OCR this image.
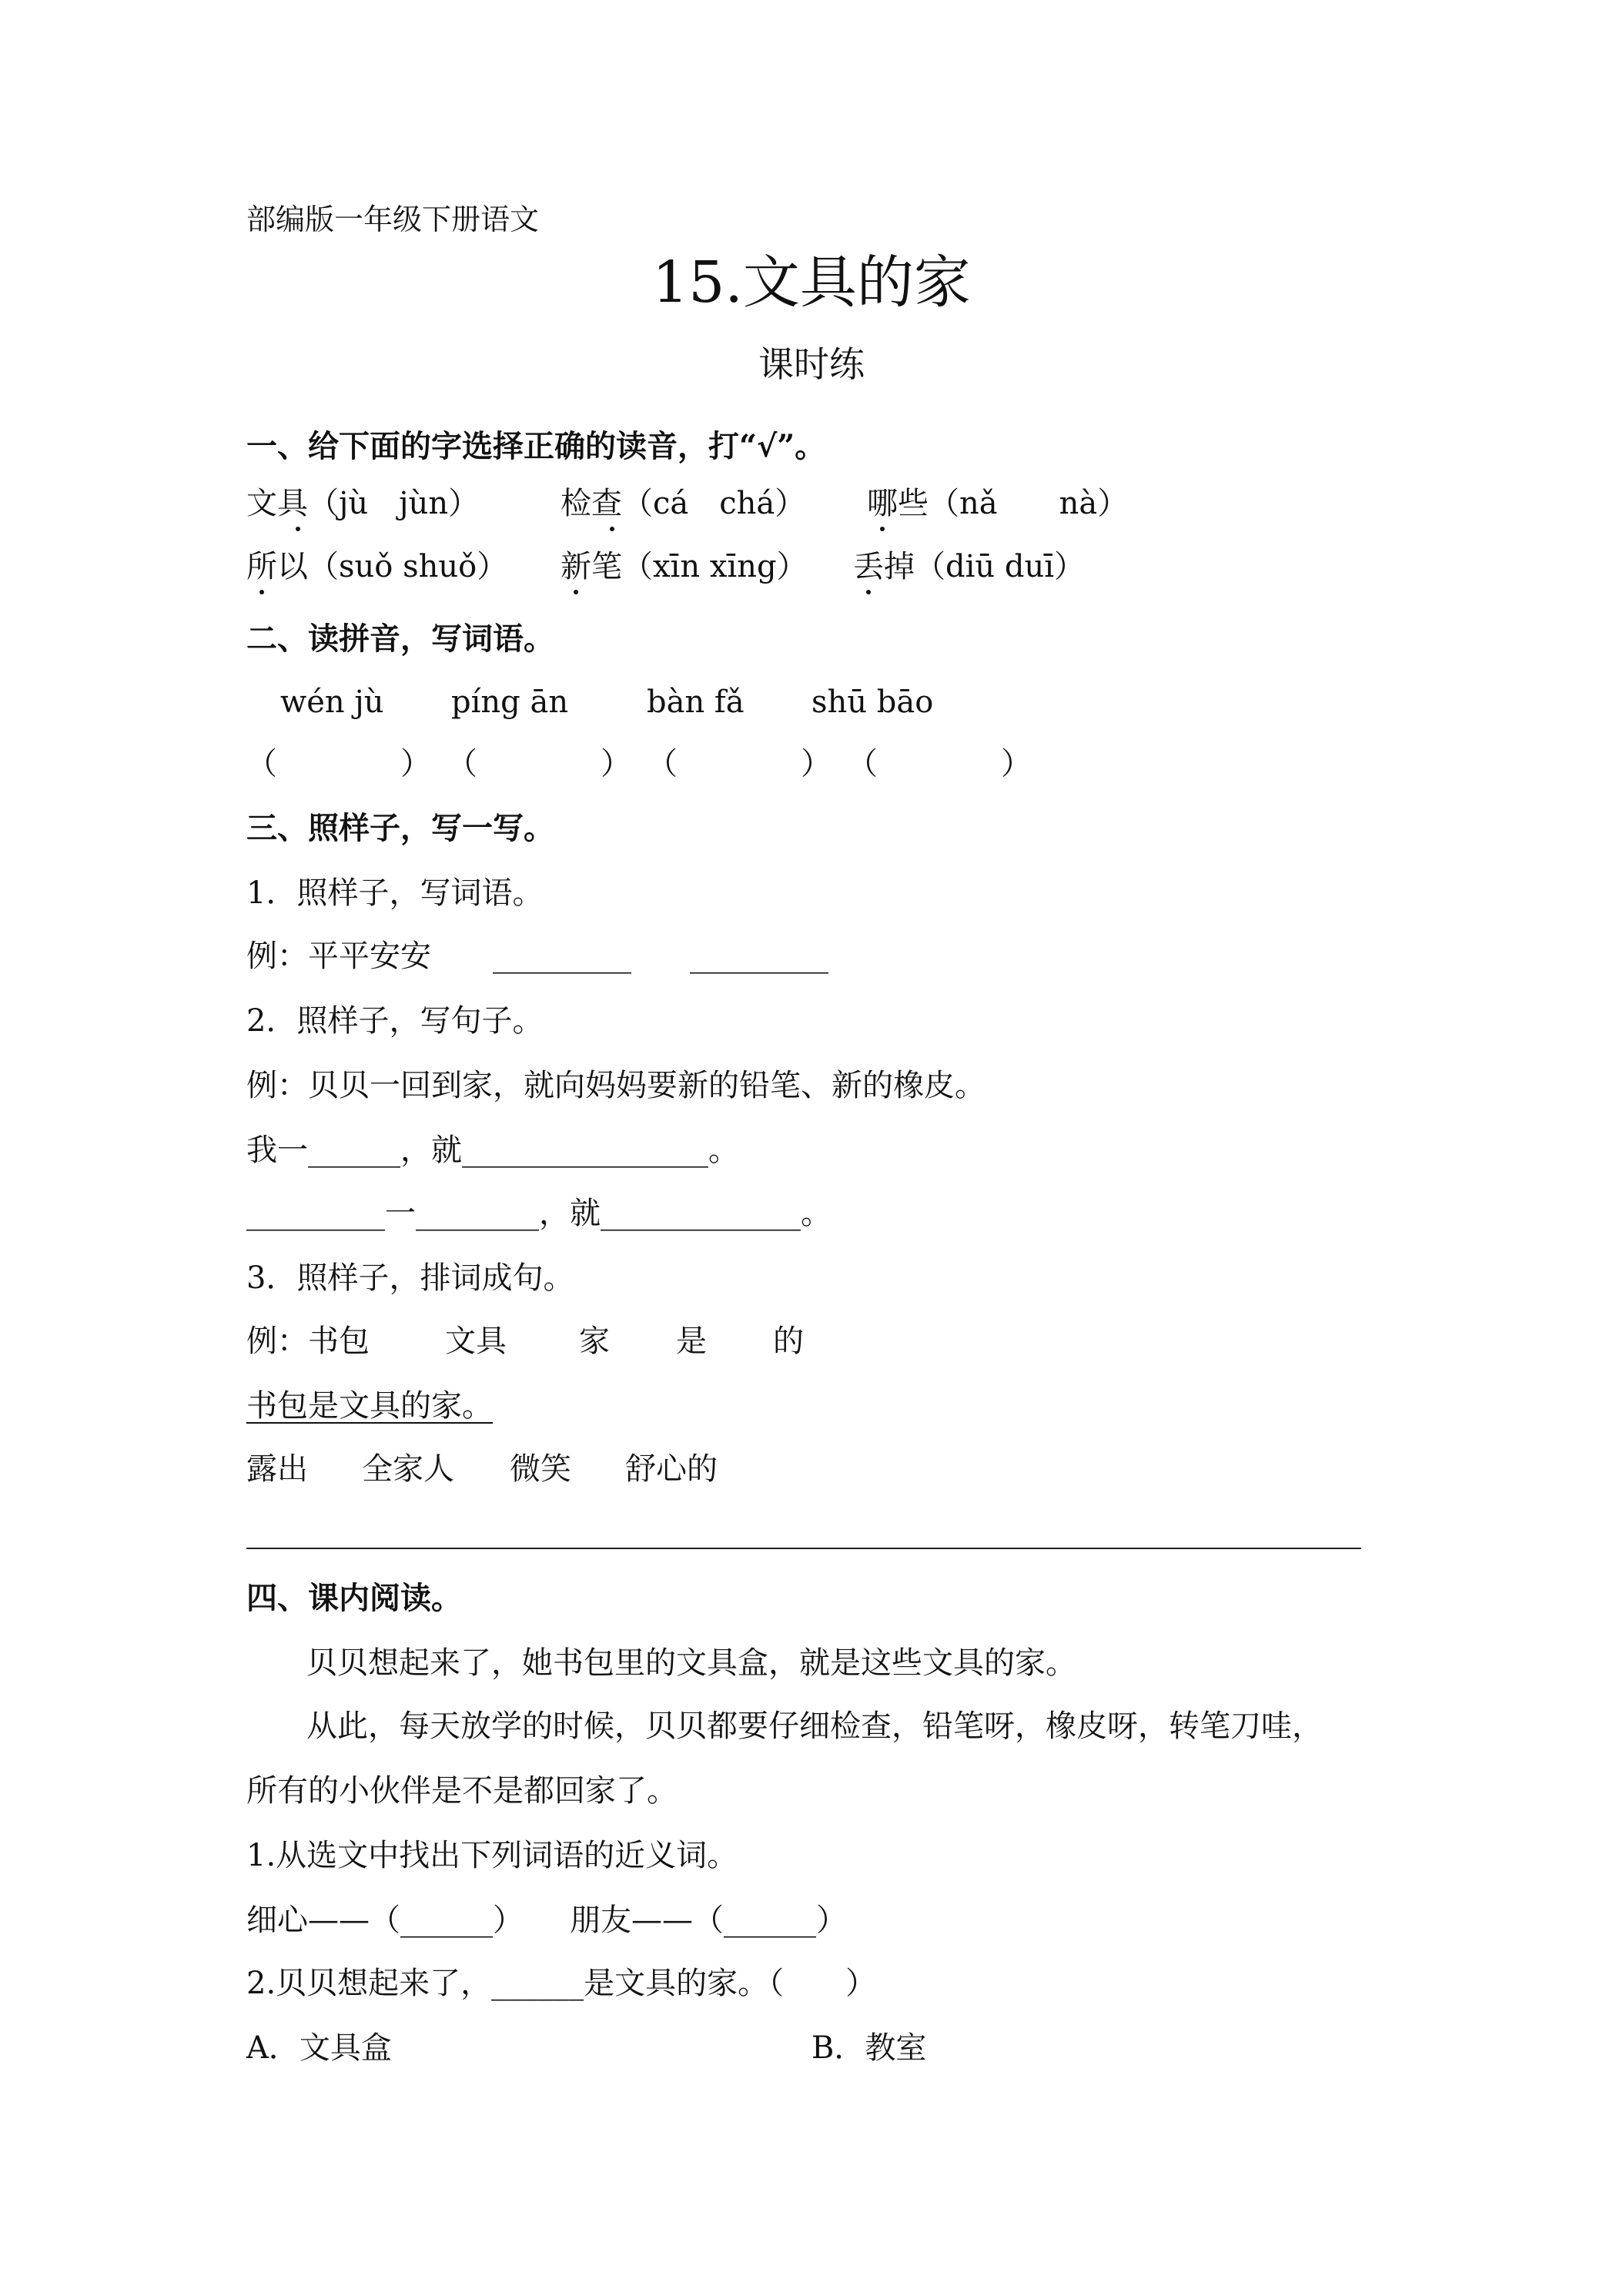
部编版一年级下册语文
15.文具的家
课时练
一、给下面的字选择正确的读音，打“√”。
文具（jù　jùn）	检查（cá　chá） 哪些（nǎ　　nà）
所以（suǒ shuǒ） 新笔（xīn xīng） 丢掉（diū duī）
二、读拼音，写词语。
wén jù píng ān	bàn fǎ shū bāo
（　　　　） （　　　　） （　　　　） （　　　　）
三、照样子，写一写。
1．照样子，写词语。
例：平平安安 _________ _________
2．照样子，写句子。
例：贝贝一回到家，就向妈妈要新的铅笔、新的橡皮。
我一______，就________________。
_________一________，就_____________。
3．照样子，排词成句。
例：书包 文具 家 是 的
书包是文具的家。
露出 全家人 微笑 舒心的
四、课内阅读。
贝贝想起来了，她书包里的文具盒，就是这些文具的家。
从此，每天放学的时候，贝贝都要仔细检查，铅笔呀，橡皮呀，转笔刀哇，
所有的小伙伴是不是都回家了。
1.从选文中找出下列词语的近义词。
细心——（______） 朋友——（______）
2.贝贝想起来了，______是文具的家。（　　）
A．文具盒	B．教室
